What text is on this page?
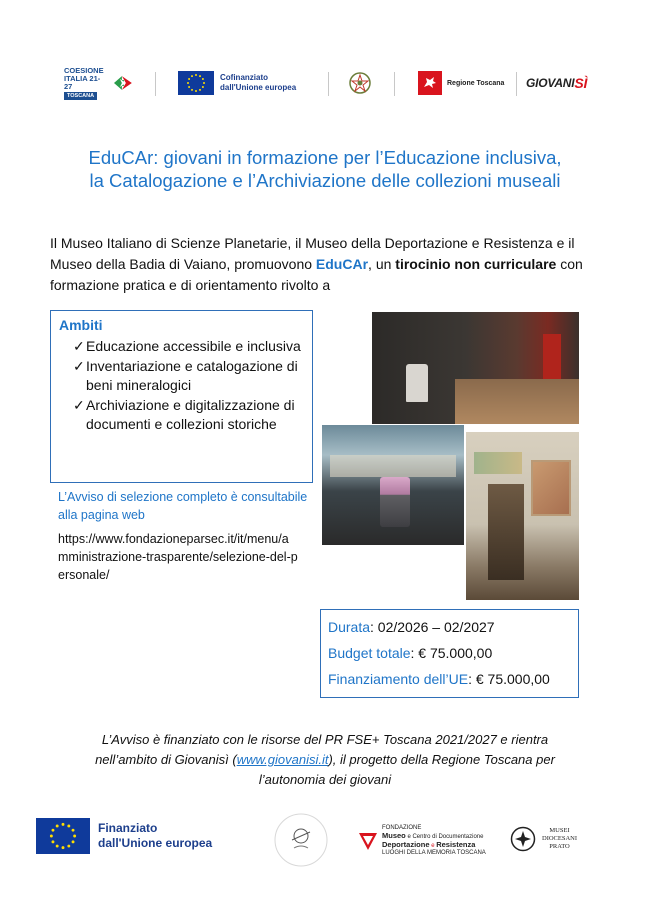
COESIONE
ITALIA 21-27
TOSCANA
Cofinanziato
dall'Unione europea	Regione Toscana GIOVANI SÌ
EduCAr: giovani in formazione per l’Educazione inclusiva,
la Catalogazione e l’Archiviazione delle collezioni museali

Il Museo Italiano di Scienze Planetarie, il Museo della Deportazione e Resistenza e il Museo della Badia di Vaiano, promuovono EduCAr, un tirocinio non curriculare con formazione pratica e di orientamento rivolto a

Ambiti
✓ Educazione accessibile e inclusiva
✓ Inventariazione e catalogazione di beni mineralogici
✓ Archiviazione e digitalizzazione di documenti e collezioni storiche
L’Avviso di selezione completo è consultabile alla pagina web
https://www.fondazioneparsec.it/it/menu/amministrazione-trasparente/selezione-del-personale/

Durata: 02/2026 – 02/2027

Budget totale: € 75.000,00

Finanziamento dell’UE: € 75.000,00

L’Avviso è finanziato con le risorse del PR FSE+ Toscana 2021/2027 e rientra nell’ambito di Giovanisì (www.giovanisi.it), il progetto della Regione Toscana per l’autonomia dei giovani

Finanziato
dall'Unione europea
FONDAZIONE
Museo e Centro di Documentazione
Deportazione e Resistenza
LUOGHI DELLA MEMORIA TOSCANA
MUSEI
DIOCESANI
PRATO
